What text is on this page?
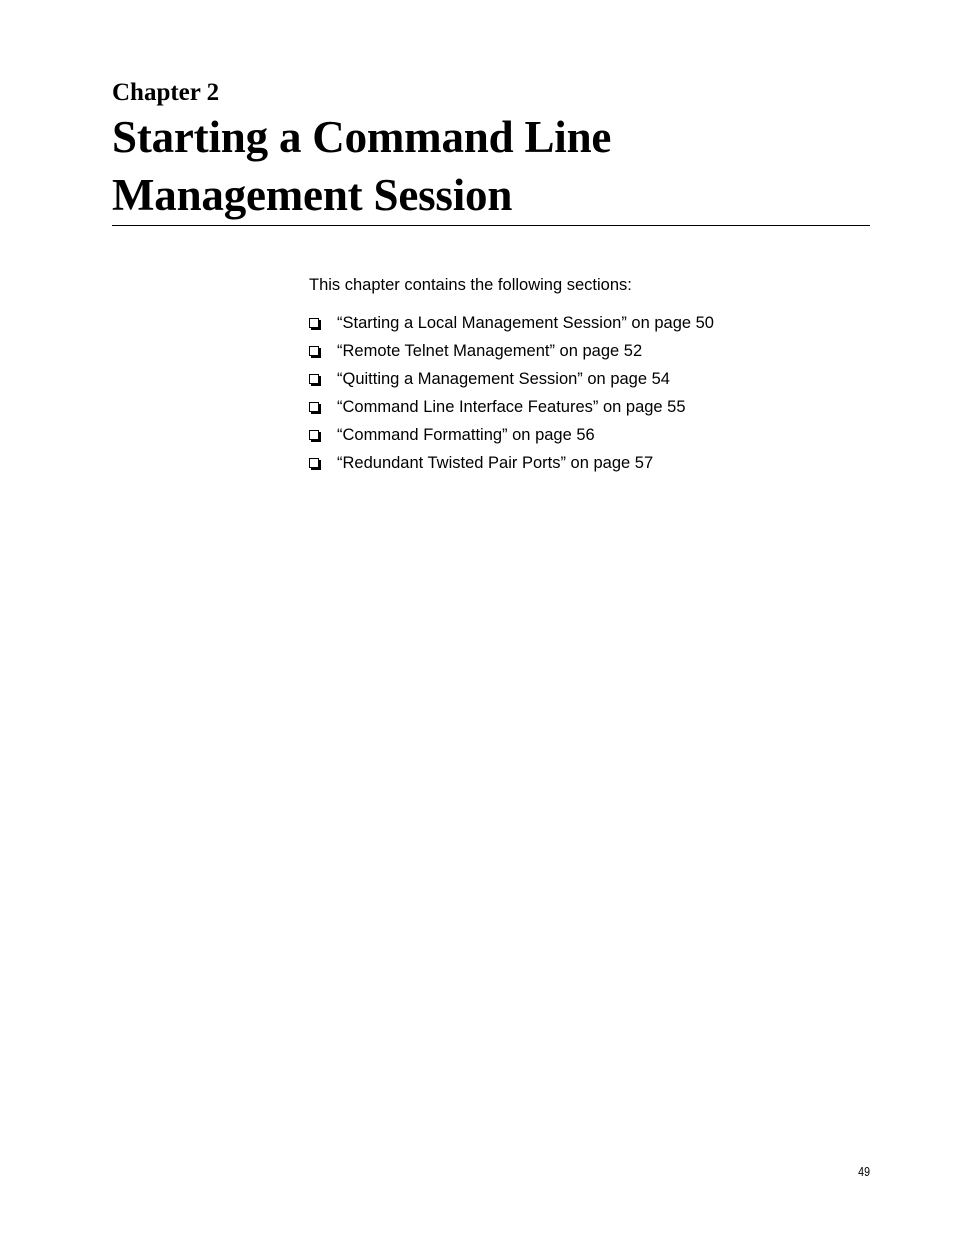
Chapter 2
Starting a Command Line Management Session

This chapter contains the following sections:

“Starting a Local Management Session” on page 50
“Remote Telnet Management” on page 52
“Quitting a Management Session” on page 54
“Command Line Interface Features” on page 55
“Command Formatting” on page 56
“Redundant Twisted Pair Ports” on page 57
49
